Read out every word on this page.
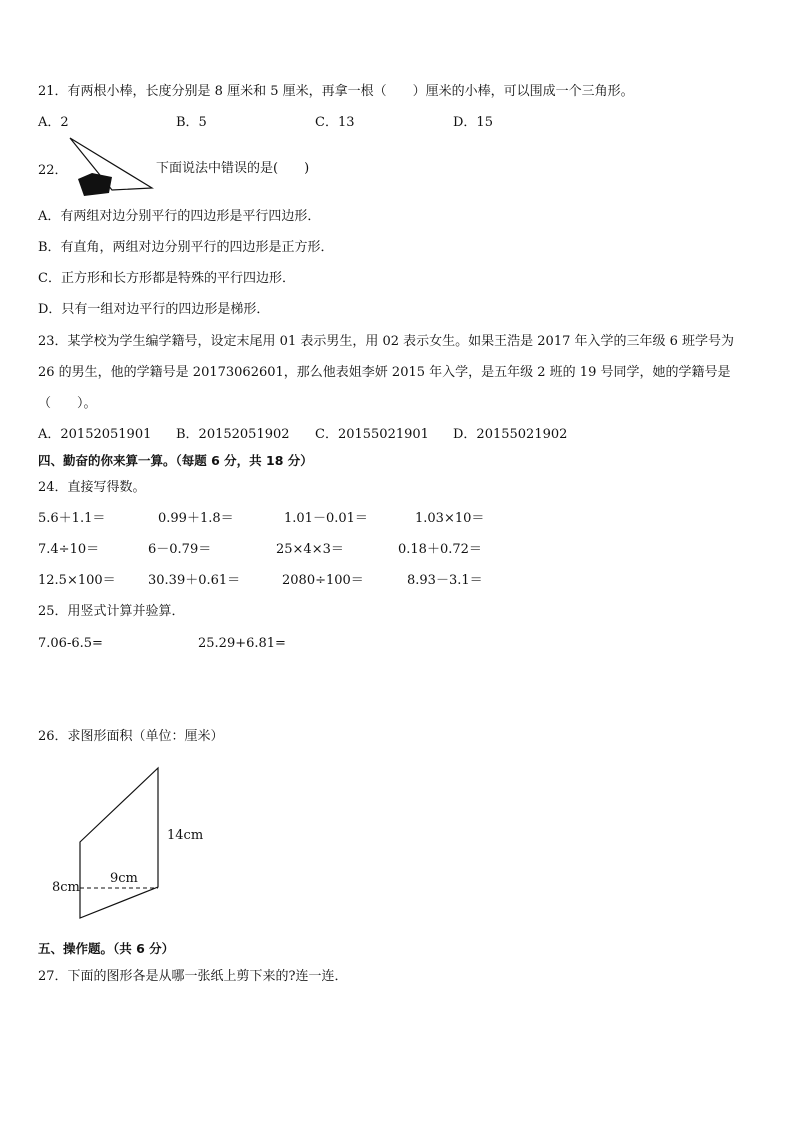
21．有两根小棒，长度分别是 8 厘米和 5 厘米，再拿一根（　　）厘米的小棒，可以围成一个三角形。
A．2	B．5	C．13	D．15
22．	下面说法中错误的是(　　)
A．有两组对边分别平行的四边形是平行四边形．
B．有直角，两组对边分别平行的四边形是正方形．
C．正方形和长方形都是特殊的平行四边形．
D．只有一组对边平行的四边形是梯形．
23．某学校为学生编学籍号，设定末尾用 01 表示男生，用 02 表示女生。如果王浩是 2017 年入学的三年级 6 班学号为
26 的男生，他的学籍号是 20173062601，那么他表姐李妍 2015 年入学，是五年级 2 班的 19 号同学，她的学籍号是
（　　）。
A．20152051901 B．20152051902 C．20155021901 D．20155021902
四、勤奋的你来算一算。（每题 6 分，共 18 分）
24．直接写得数。
5.6＋1.1＝	0.99＋1.8＝	1.01－0.01＝	1.03×10＝
7.4÷10＝	6－0.79＝	25×4×3＝	0.18＋0.72＝
12.5×100＝ 30.39＋0.61＝	2080÷100＝	8.93－3.1＝
25．用竖式计算并验算．
7.06-6.5=	25.29+6.81=
26．求图形面积（单位：厘米）
14cm
9cm
8cm
五、操作题。（共 6 分）
27．下面的图形各是从哪一张纸上剪下来的?连一连．
